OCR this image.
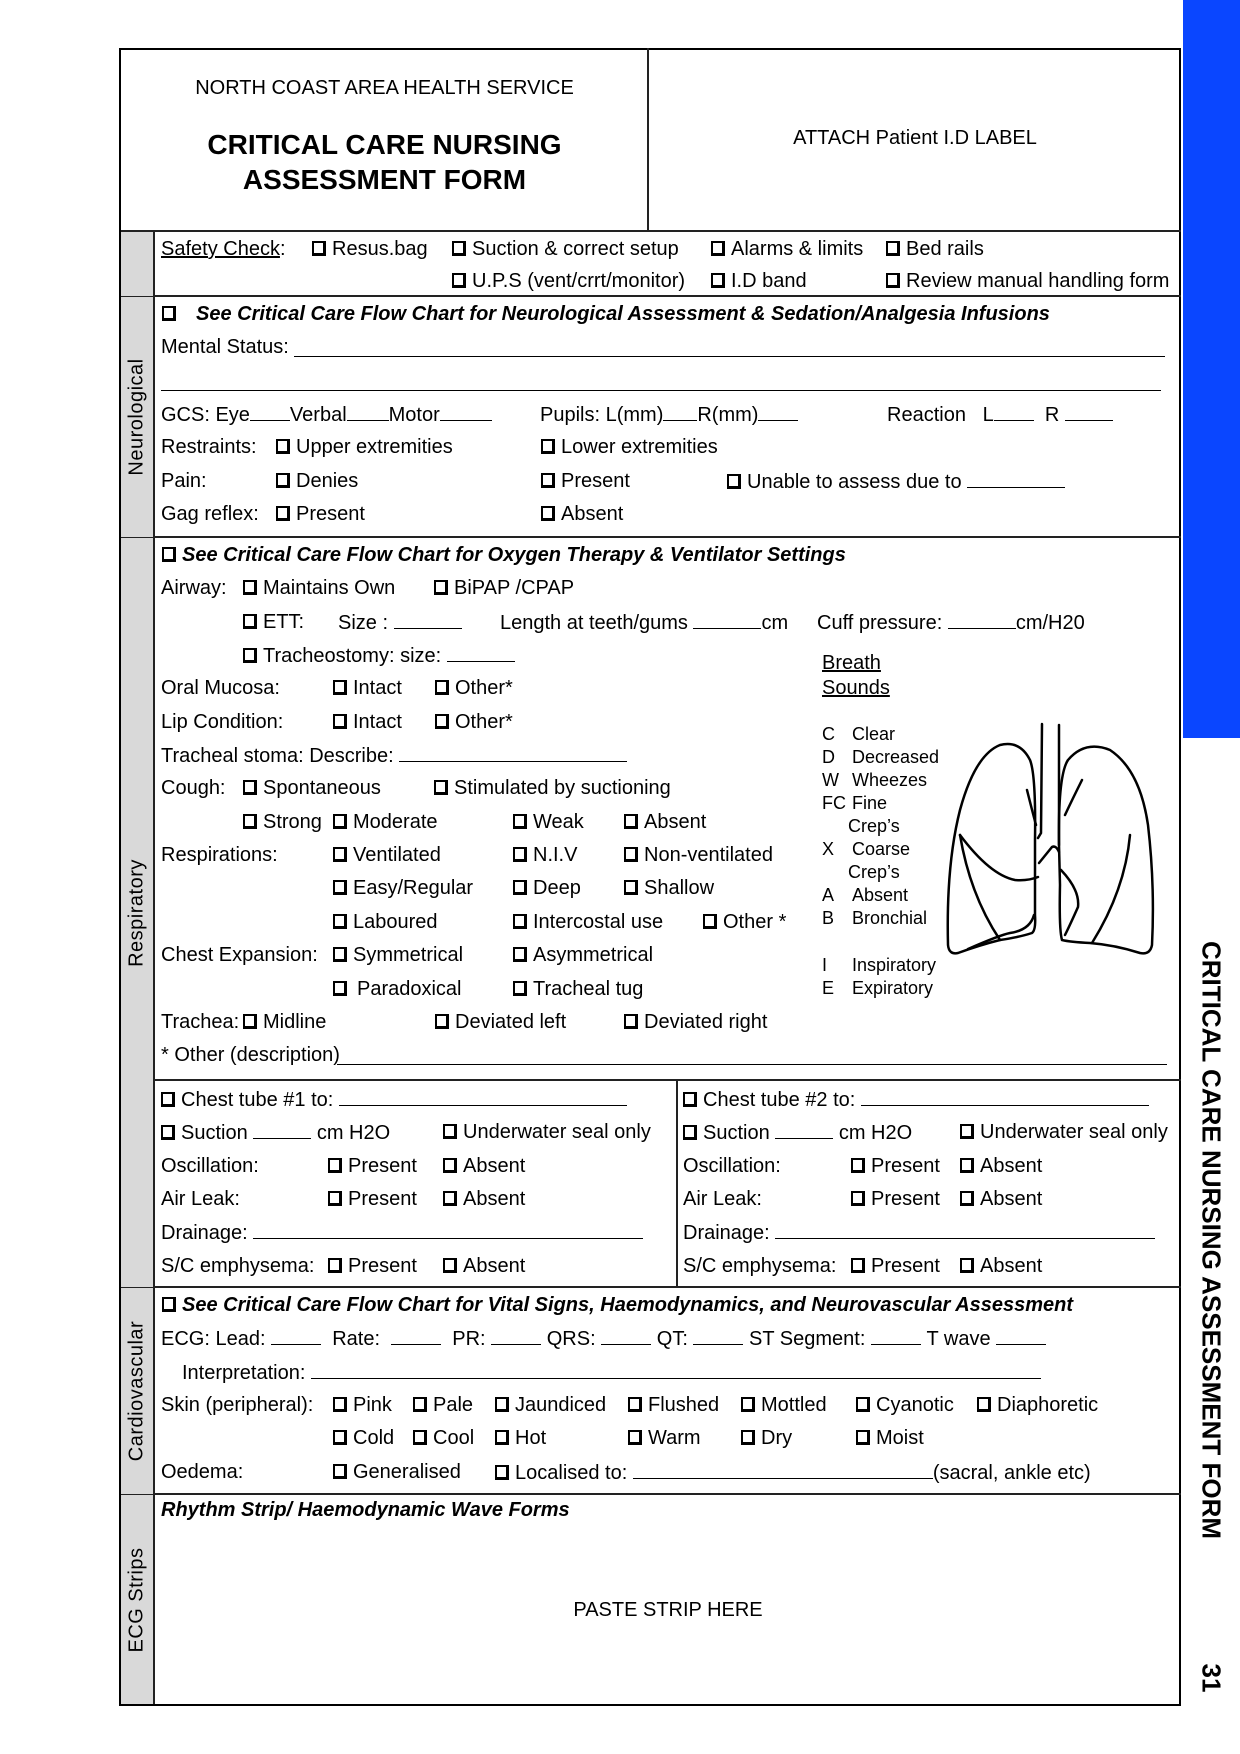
CRITICAL CARE NURSING ASSESSMENT FORM
31
NORTH COAST AREA HEALTH SERVICE
CRITICAL CARE NURSING
ASSESSMENT FORM
ATTACH Patient I.D LABEL
Neurological
Respiratory
Cardiovascular
ECG Strips
Safety Check:	Resus.bag	Suction & correct setup	Alarms & limits	Bed rails
U.P.S (vent/crrt/monitor)	I.D band	Review manual handling form
See Critical Care Flow Chart for Neurological Assessment & Sedation/Analgesia Infusions
Mental Status:
GCS: Eye Verbal Motor	Pupils: L(mm) R(mm)	Reaction L	R
Restraints:	Upper extremities	Lower extremities
Pain:	Denies	Present	Unable to assess due to
Gag reflex:	Present	Absent
See Critical Care Flow Chart for Oxygen Therapy & Ventilator Settings
Airway:	Maintains Own	BiPAP /CPAP
ETT: Size :	Length at teeth/gums	cm Cuff pressure:	cm/H20
Tracheostomy: size:
Oral Mucosa:	Intact	Other*
Lip Condition:	Intact	Other*
Tracheal stoma: Describe:
Cough:	Spontaneous	Stimulated by suctioning
Strong	Moderate	Weak	Absent
Respirations:	Ventilated	N.I.V	Non-ventilated
Easy/Regular	Deep	Shallow
Laboured	Intercostal use	Other *
Chest Expansion:	Symmetrical	Asymmetrical
Paradoxical	Tracheal tug
Trachea:	Midline	Deviated left	Deviated right
* Other (description)
Breath
Sounds
C Clear
D Decreased
W Wheezes
FC Fine
Crep’s
X Coarse
Crep’s
A Absent
B Bronchial
I Inspiratory
E Expiratory
Chest tube #1 to:
Suction	cm H2O	Underwater seal only
Oscillation:	Present	Absent
Air Leak:	Present	Absent
Drainage:
S/C emphysema:	Present	Absent
Chest tube #2 to:
Suction	cm H2O	Underwater seal only
Oscillation:	Present	Absent
Air Leak:	Present	Absent
Drainage:
S/C emphysema:	Present	Absent
See Critical Care Flow Chart for Vital Signs, Haemodynamics, and Neurovascular Assessment
ECG: Lead:	Rate:	PR:	QRS:	QT:	ST Segment:	T wave
Interpretation:
Skin (peripheral):	Pink	Pale	Jaundiced	Flushed	Mottled	Cyanotic	Diaphoretic
Cold	Cool	Hot	Warm	Dry	Moist
Oedema:	Generalised	Localised to:	(sacral, ankle etc)
Rhythm Strip/ Haemodynamic Wave Forms
PASTE STRIP HERE
